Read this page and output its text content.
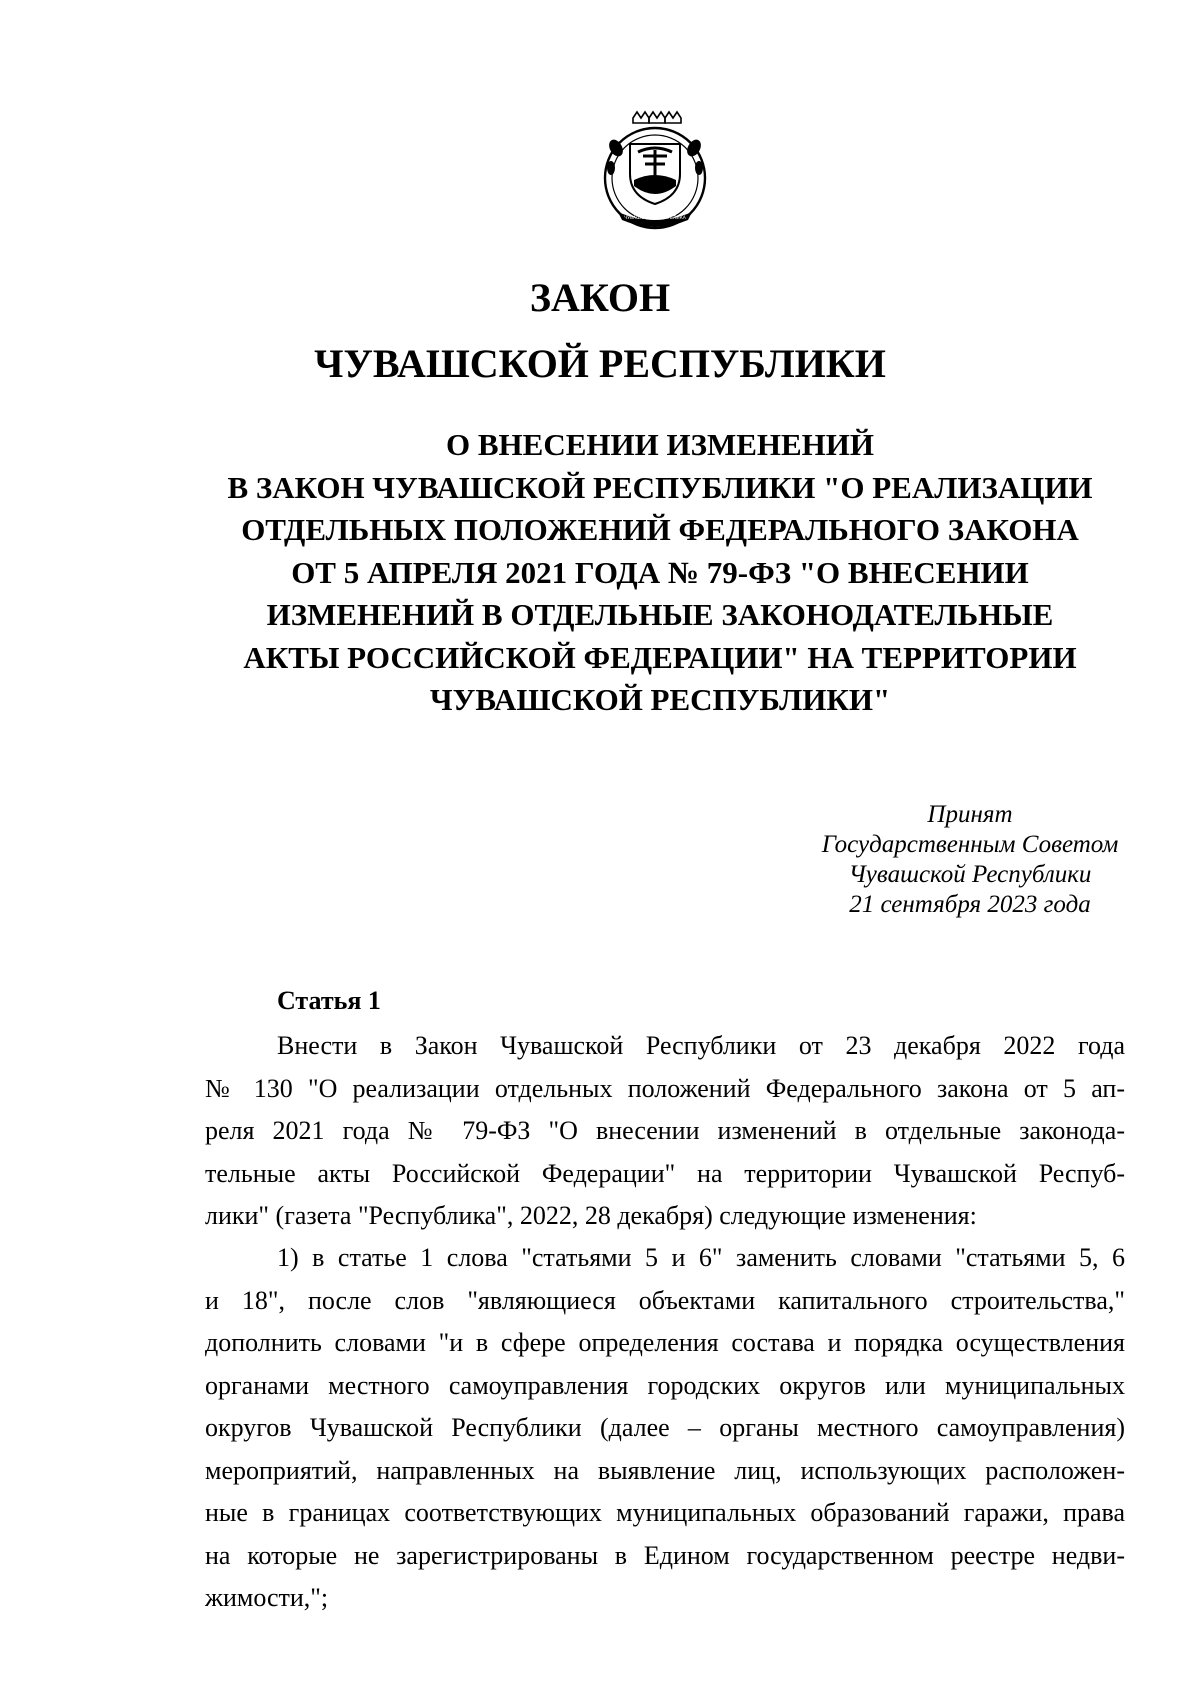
ЧУВАШСКАЯ РЕСПУБЛИКА
ЗАКОН
ЧУВАШСКОЙ РЕСПУБЛИКИ
О ВНЕСЕНИИ ИЗМЕНЕНИЙ
В ЗАКОН ЧУВАШСКОЙ РЕСПУБЛИКИ "О РЕАЛИЗАЦИИ
ОТДЕЛЬНЫХ ПОЛОЖЕНИЙ ФЕДЕРАЛЬНОГО ЗАКОНА
ОТ 5 АПРЕЛЯ 2021 ГОДА № 79-ФЗ "О ВНЕСЕНИИ
ИЗМЕНЕНИЙ В ОТДЕЛЬНЫЕ ЗАКОНОДАТЕЛЬНЫЕ
АКТЫ РОССИЙСКОЙ ФЕДЕРАЦИИ" НА ТЕРРИТОРИИ
ЧУВАШСКОЙ РЕСПУБЛИКИ"
Принят
Государственным Советом
Чувашской Республики
21 сентября 2023 года
Статья 1

Внести в Закон Чувашской Республики от 23 декабря 2022 года
№ 130 "О реализации отдельных положений Федерального закона от 5 ап-
реля 2021 года № 79-ФЗ "О внесении изменений в отдельные законода-
тельные акты Российской Федерации" на территории Чувашской Респуб-
лики" (газета "Республика", 2022, 28 декабря) следующие изменения:

1) в статье 1 слова "статьями 5 и 6" заменить словами "статьями 5, 6
и 18", после слов "являющиеся объектами капитального строительства,"
дополнить словами "и в сфере определения состава и порядка осуществления
органами местного самоуправления городских округов или муниципальных
округов Чувашской Республики (далее – органы местного самоуправления)
мероприятий, направленных на выявление лиц, использующих расположен-
ные в границах соответствующих муниципальных образований гаражи, права
на которые не зарегистрированы в Едином государственном реестре недви-
жимости,";
